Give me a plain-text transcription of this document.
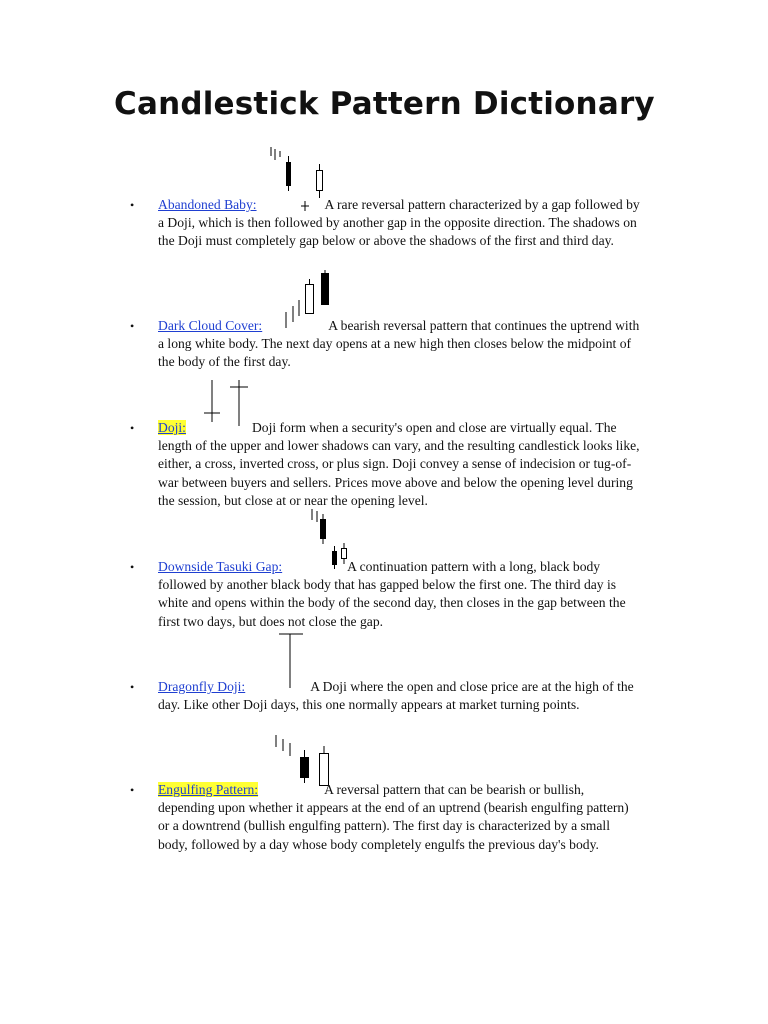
Candlestick Pattern Dictionary
• Abandoned Baby:	A rare reversal pattern characterized by a gap followed by a Doji, which is then followed by another gap in the opposite direction. The shadows on the Doji must completely gap below or above the shadows of the first and third day.
• Dark Cloud Cover:	A bearish reversal pattern that continues the uptrend with a long white body. The next day opens at a new high then closes below the midpoint of the body of the first day.
• Doji:	Doji form when a security's open and close are virtually equal. The length of the upper and lower shadows can vary, and the resulting candlestick looks like, either, a cross, inverted cross, or plus sign. Doji convey a sense of indecision or tug-of-war between buyers and sellers. Prices move above and below the opening level during the session, but close at or near the opening level.
• Downside Tasuki Gap:	A continuation pattern with a long, black body followed by another black body that has gapped below the first one. The third day is white and opens within the body of the second day, then closes in the gap between the first two days, but does not close the gap.
• Dragonfly Doji:	A Doji where the open and close price are at the high of the day. Like other Doji days, this one normally appears at market turning points.
• Engulfing Pattern:	A reversal pattern that can be bearish or bullish, depending upon whether it appears at the end of an uptrend (bearish engulfing pattern) or a downtrend (bullish engulfing pattern). The first day is characterized by a small body, followed by a day whose body completely engulfs the previous day's body.
